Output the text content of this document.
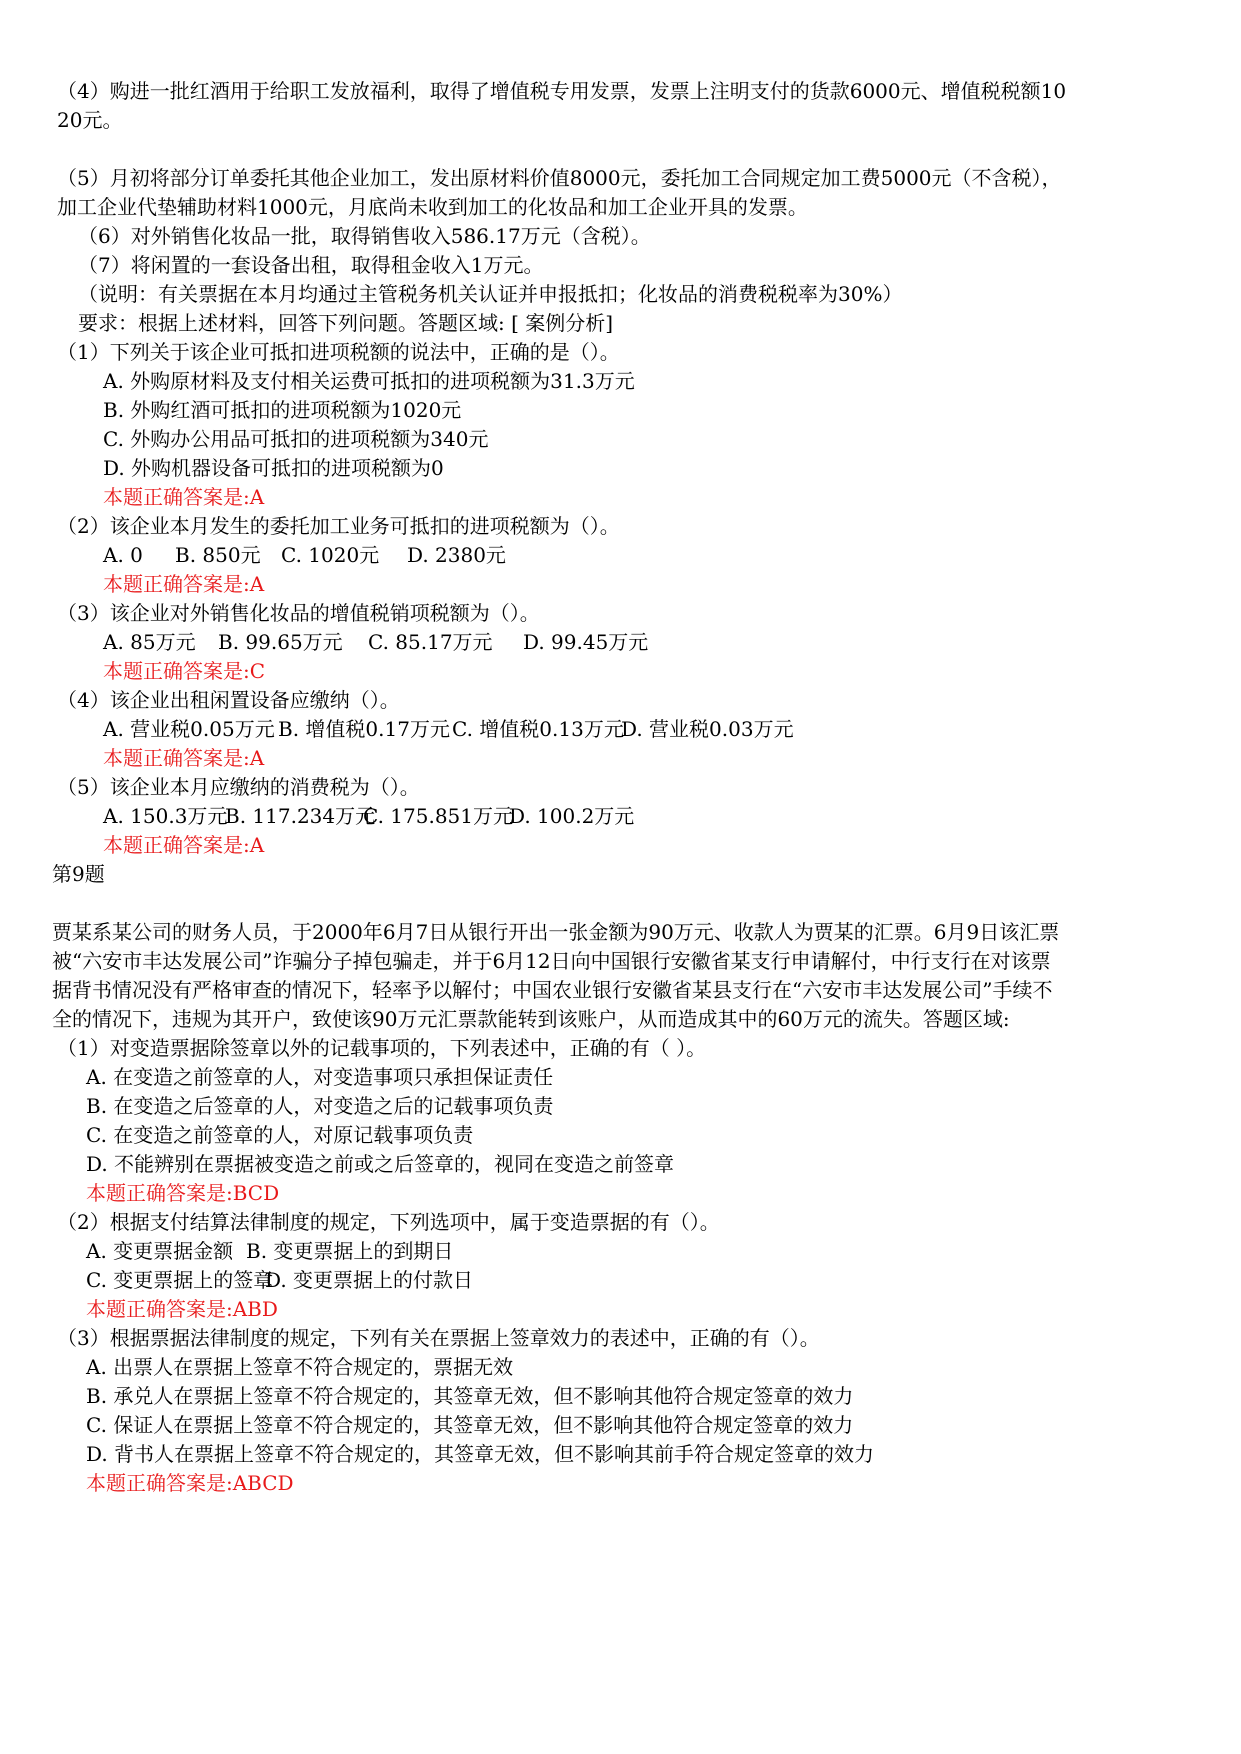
（4）购进一批红酒用于给职工发放福利，取得了增值税专用发票，发票上注明支付的货款6000元、增值税税额10
20元。
（5）月初将部分订单委托其他企业加工，发出原材料价值8000元，委托加工合同规定加工费5000元（不含税），
加工企业代垫辅助材料1000元，月底尚未收到加工的化妆品和加工企业开具的发票。
（6）对外销售化妆品一批，取得销售收入586.17万元（含税）。
（7）将闲置的一套设备出租，取得租金收入1万元。
（说明：有关票据在本月均通过主管税务机关认证并申报抵扣；化妆品的消费税税率为30%）
要求：根据上述材料，回答下列问题。答题区域: [ 案例分析]
（1）下列关于该企业可抵扣进项税额的说法中，正确的是（）。
A. 外购原材料及支付相关运费可抵扣的进项税额为31.3万元
B. 外购红酒可抵扣的进项税额为1020元
C. 外购办公用品可抵扣的进项税额为340元
D. 外购机器设备可抵扣的进项税额为0
本题正确答案是:A
（2）该企业本月发生的委托加工业务可抵扣的进项税额为（）。
A. 0 B. 850元 C. 1020元 D. 2380元
本题正确答案是:A
（3）该企业对外销售化妆品的增值税销项税额为（）。
A. 85万元 B. 99.65万元 C. 85.17万元 D. 99.45万元
本题正确答案是:C
（4）该企业出租闲置设备应缴纳（）。
A. 营业税0.05万元 B. 增值税0.17万元 C. 增值税0.13万元
D. 营业税0.03万元
本题正确答案是:A
（5）该企业本月应缴纳的消费税为（）。
A. 150.3万元
B. 117.234万元
C. 175.851万元
D. 100.2万元
本题正确答案是:A
第9题
贾某系某公司的财务人员，于2000年6月7日从银行开出一张金额为90万元、收款人为贾某的汇票。6月9日该汇票
被“六安市丰达发展公司”诈骗分子掉包骗走，并于6月12日向中国银行安徽省某支行申请解付，中行支行在对该票
据背书情况没有严格审查的情况下，轻率予以解付；中国农业银行安徽省某县支行在“六安市丰达发展公司”手续不
全的情况下，违规为其开户，致使该90万元汇票款能转到该账户，从而造成其中的60万元的流失。答题区域:
（1）对变造票据除签章以外的记载事项的，下列表述中，正确的有（ ）。
A. 在变造之前签章的人，对变造事项只承担保证责任
B. 在变造之后签章的人，对变造之后的记载事项负责
C. 在变造之前签章的人，对原记载事项负责
D. 不能辨别在票据被变造之前或之后签章的，视同在变造之前签章
本题正确答案是:BCD
（2）根据支付结算法律制度的规定，下列选项中，属于变造票据的有（）。
A. 变更票据金额 B. 变更票据上的到期日
C. 变更票据上的签章
D. 变更票据上的付款日
本题正确答案是:ABD
（3）根据票据法律制度的规定，下列有关在票据上签章效力的表述中，正确的有（）。
A. 出票人在票据上签章不符合规定的，票据无效
B. 承兑人在票据上签章不符合规定的，其签章无效，但不影响其他符合规定签章的效力
C. 保证人在票据上签章不符合规定的，其签章无效，但不影响其他符合规定签章的效力
D. 背书人在票据上签章不符合规定的，其签章无效，但不影响其前手符合规定签章的效力
本题正确答案是:ABCD
